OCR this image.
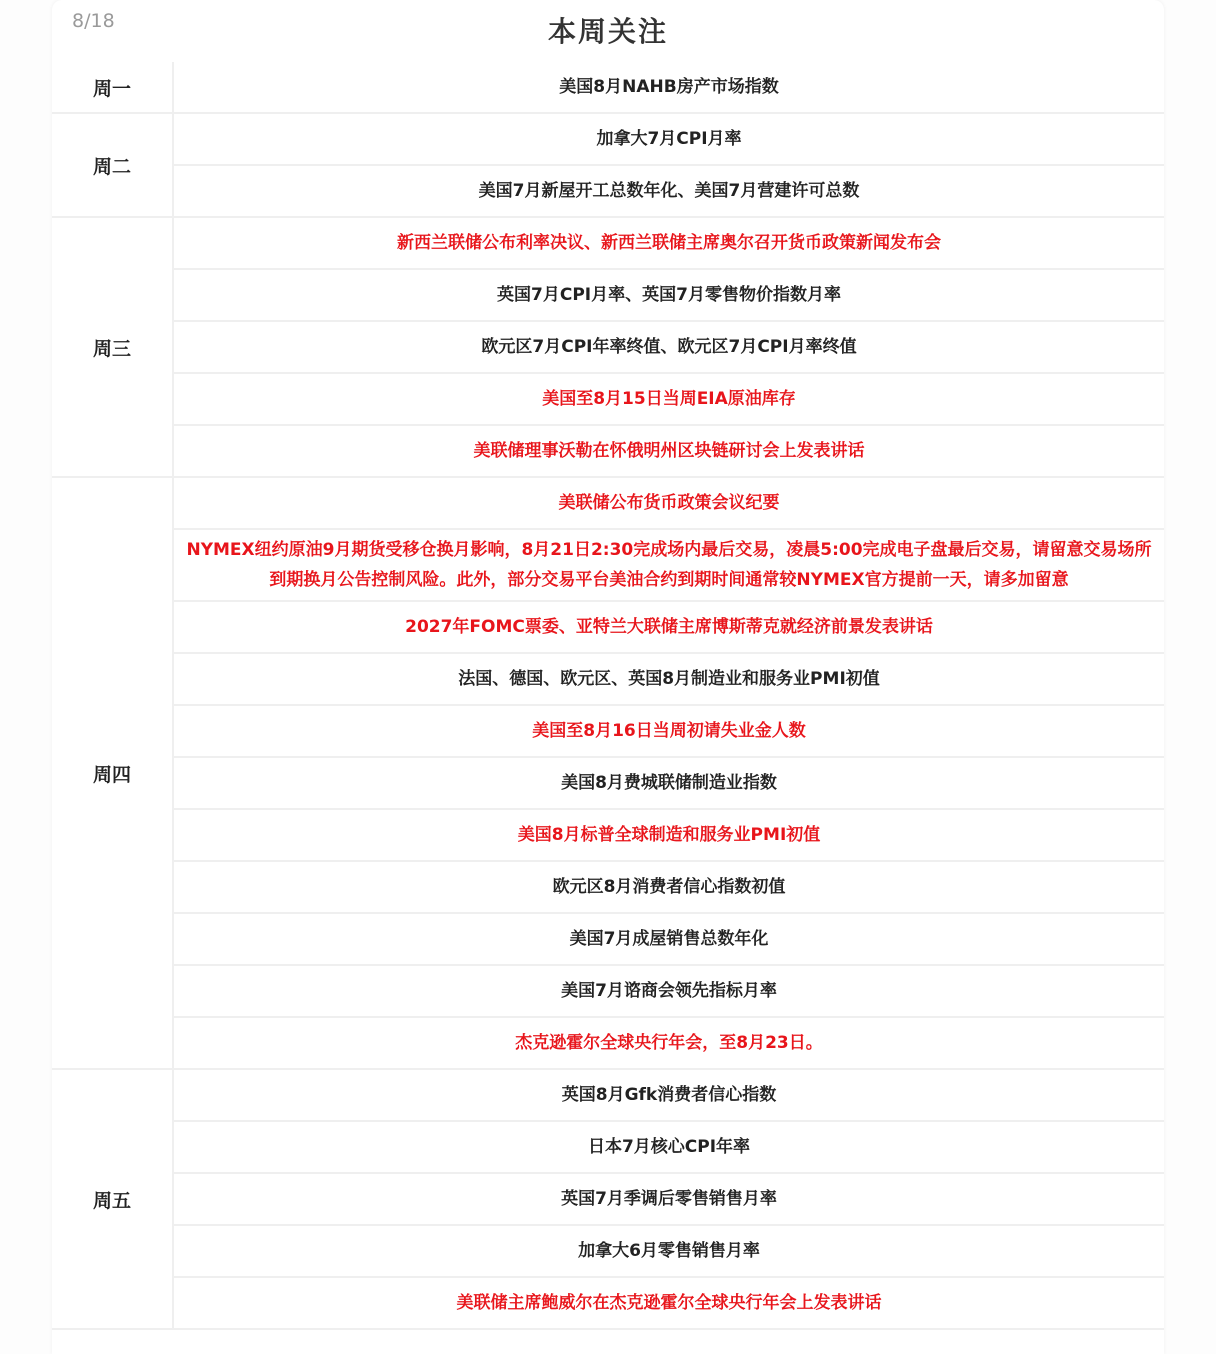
8/18	本周关注
周一	美国8月NAHB房产市场指数
周二	加拿大7月CPI月率
	美国7月新屋开工总数年化、美国7月营建许可总数
周三	新西兰联储公布利率决议、新西兰联储主席奥尔召开货币政策新闻发布会
	英国7月CPI月率、英国7月零售物价指数月率
	欧元区7月CPI年率终值、欧元区7月CPI月率终值
	美国至8月15日当周EIA原油库存
	美联储理事沃勒在怀俄明州区块链研讨会上发表讲话
周四	美联储公布货币政策会议纪要
	NYMEX纽约原油9月期货受移仓换月影响，8月21日2:30完成场内最后交易，凌晨5:00完成电子盘最后交易，请留意交易场所到期换月公告控制风险。此外，部分交易平台美油合约到期时间通常较NYMEX官方提前一天，请多加留意
	2027年FOMC票委、亚特兰大联储主席博斯蒂克就经济前景发表讲话
	法国、德国、欧元区、英国8月制造业和服务业PMI初值
	美国至8月16日当周初请失业金人数
	美国8月费城联储制造业指数
	美国8月标普全球制造和服务业PMI初值
	欧元区8月消费者信心指数初值
	美国7月成屋销售总数年化
	美国7月谘商会领先指标月率
	杰克逊霍尔全球央行年会，至8月23日。
周五	英国8月Gfk消费者信心指数
	日本7月核心CPI年率
	英国7月季调后零售销售月率
	加拿大6月零售销售月率
	美联储主席鲍威尔在杰克逊霍尔全球央行年会上发表讲话
